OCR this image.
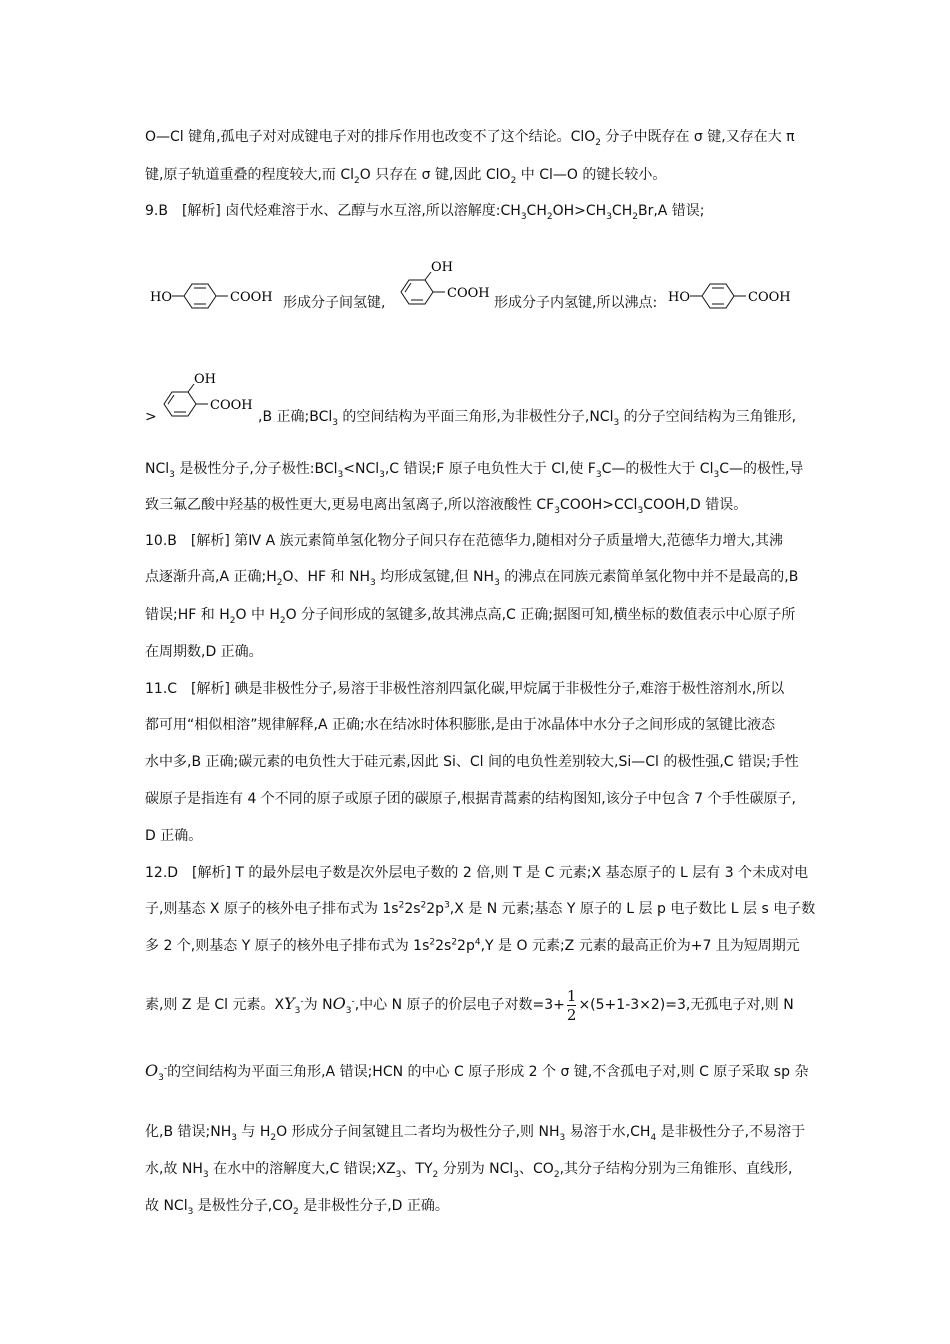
O—Cl 键角,孤电子对对成键电子对的排斥作用也改变不了这个结论。ClO$_2$ 分子中既存在 σ 键,又存在大 π
键,原子轨道重叠的程度较大,而 $Cl_2O$ 只存在 σ 键,因此 ClO$_2$ 中 Cl—O 的键长较小。
9.B　[解析] 卤代烃难溶于水、乙醇与水互溶,所以溶解度$:CH_3CH_2OH>CH_3CH_2Br,A$ 错误;
HO	COOH 形成分子间氢键,
OH
COOH
形成分子内氢键,所以沸点: HO	COOH
>
OH
COOH
,B 正确;BCl$_3$ 的空间结构为平面三角形,为非极性分子,NCl$_3$ 的分子空间结构为三角锥形,
NCl$_3$ 是极性分子,分子极性:BCl$_3$<NCl$_3$,C 错误;F 原子电负性大于 Cl,使 $F_3C—$的极性大于 $Cl_3C—$的极性,导
致三氟乙酸中羟基的极性更大,更易电离出氢离子,所以溶液酸性 $CF_3COOH>CCl_3COOH,D$ 错误。
10.B　[解析] 第Ⅳ A 族元素简单氢化物分子间只存在范德华力,随相对分子质量增大,范德华力增大,其沸
点逐渐升高,A 正确$;H_2O$、HF 和 $NH_3$ 均形成氢键,但 $NH_3$ 的沸点在同族元素简单氢化物中并不是最高的,B
错误;HF 和 $H_2O$ 中 $H_2O$ 分子间形成的氢键多,故其沸点高,C 正确;据图可知,横坐标的数值表示中心原子所
在周期数,D 正确。
11.C　[解析] 碘是非极性分子,易溶于非极性溶剂四氯化碳,甲烷属于非极性分子,难溶于极性溶剂水,所以
都可用“相似相溶”规律解释,A 正确;水在结冰时体积膨胀,是由于冰晶体中水分子之间形成的氢键比液态
水中多,B 正确;碳元素的电负性大于硅元素,因此 Si、Cl 间的电负性差别较大,Si—Cl 的极性强,C 错误;手性
碳原子是指连有 4 个不同的原子或原子团的碳原子,根据青蒿素的结构图知,该分子中包含 7 个手性碳原子,
D 正确。
12.D　[解析] T 的最外层电子数是次外层电子数的 2 倍,则 T 是 C 元素;X 基态原子的 L 层有 3 个未成对电
子,则基态 X 原子的核外电子排布式为 $1s^22s^22p^3,X$ 是 N 元素;基态 Y 原子的 L 层 p 电子数比 L 层 s 电子数
多 2 个,则基态 Y 原子的核外电子排布式为 $1s^22s^22p^4,Y$ 是 O 元素;Z 元素的最高正价为+7 且为短周期元
素,则 Z 是 Cl 元素。$XY_3^-$为 $NO_3^-$,中心 N 原子的价层电子对数$=3+ \frac{1}{2} \times(5+1-3\times 2)=3$,无孤电子对,则 N
$O_3^-$的空间结构为平面三角形,A 错误;HCN 的中心 C 原子形成 2 个 σ 键,不含孤电子对,则 C 原子采取 sp 杂
化,B 错误$;NH_3$ 与 $H_2O$ 形成分子间氢键且二者均为极性分子,则 $NH_3$ 易溶于水$,CH_4$ 是非极性分子,不易溶于
水,故 $NH_3$ 在水中的溶解度大,C 错误$;XZ_3$、$TY_2$ 分别为 NCl$_3$、$CO_2$,其分子结构分别为三角锥形、直线形,
故 NCl$_3$ 是极性分子$,CO_2$ 是非极性分子,D 正确。
